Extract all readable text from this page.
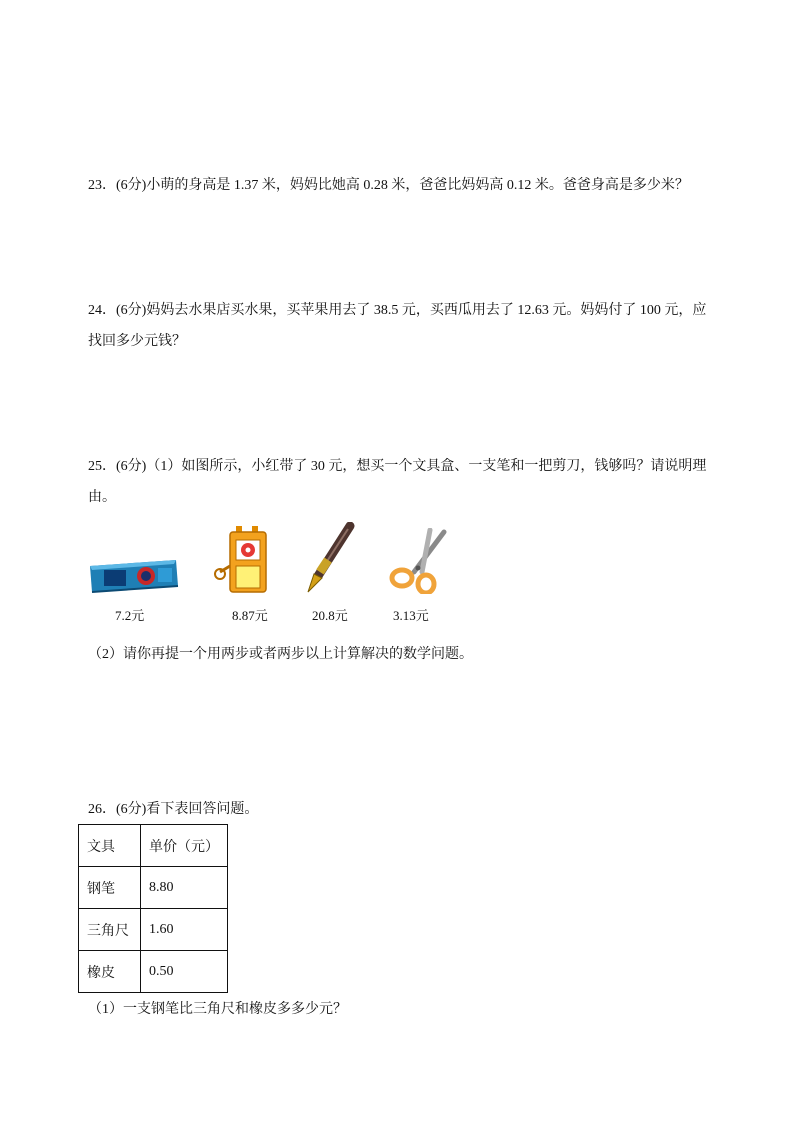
23．(6分)小萌的身高是 1.37 米，妈妈比她高 0.28 米，爸爸比妈妈高 0.12 米。爸爸身高是多少米？
24．(6分)妈妈去水果店买水果，买苹果用去了 38.5 元，买西瓜用去了 12.63 元。妈妈付了 100 元，应
找回多少元钱？
25．(6分)（1）如图所示，小红带了 30 元，想买一个文具盒、一支笔和一把剪刀，钱够吗？请说明理
由。
7.2元	8.87元	20.8元	3.13元
（2）请你再提一个用两步或者两步以上计算解决的数学问题。
26．(6分)看下表回答问题。
文具	单价（元）
钢笔	8.80
三角尺	1.60
橡皮	0.50
（1）一支钢笔比三角尺和橡皮多多少元？
